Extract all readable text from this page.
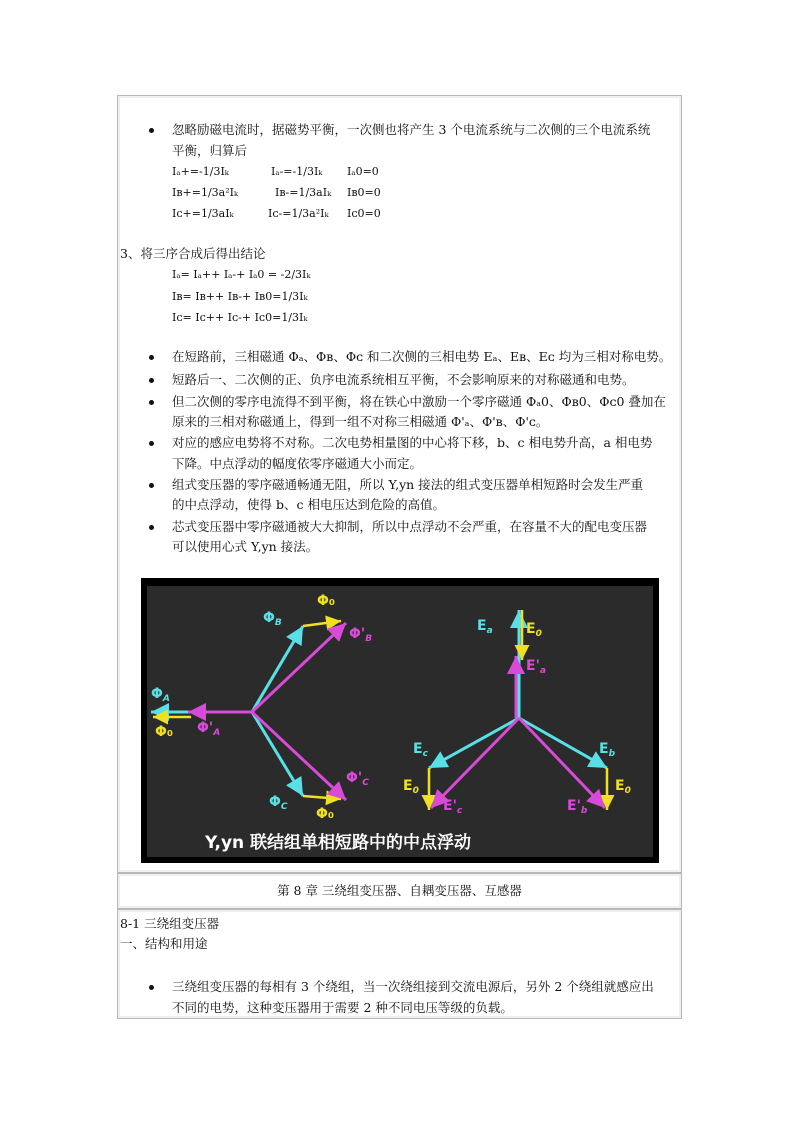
忽略励磁电流时，据磁势平衡，一次侧也将产生 3 个电流系统与二次侧的三个电流系统
平衡，归算后
Iₐ+=-1/3Iₖ	Iₐ-=-1/3Iₖ Iₐ0=0
Iʙ+=1/3a²Iₖ	Iʙ-=1/3aIₖ Iʙ0=0
Iᴄ+=1/3aIₖ	Iᴄ-=1/3a²Iₖ Iᴄ0=0
3、将三序合成后得出结论
Iₐ= Iₐ++ Iₐ-+ Iₐ0 = -2/3Iₖ
Iʙ= Iʙ++ Iʙ-+ Iʙ0=1/3Iₖ
Iᴄ= Iᴄ++ Iᴄ-+ Iᴄ0=1/3Iₖ
在短路前，三相磁通 Φₐ、Φʙ、Φᴄ 和二次侧的三相电势 Eₐ、Eʙ、Eᴄ 均为三相对称电势。
短路后一、二次侧的正、负序电流系统相互平衡，不会影响原来的对称磁通和电势。
但二次侧的零序电流得不到平衡，将在铁心中激励一个零序磁通 Φₐ0、Φʙ0、Φᴄ0 叠加在
原来的三相对称磁通上，得到一组不对称三相磁通 Φ'ₐ、Φ'ʙ、Φ'ᴄ。
对应的感应电势将不对称。二次电势相量图的中心将下移，b、c 相电势升高，a 相电势
下降。中点浮动的幅度依零序磁通大小而定。
组式变压器的零序磁通畅通无阻，所以 Y,yn 接法的组式变压器单相短路时会发生严重
的中点浮动，使得 b、c 相电压达到危险的高值。
芯式变压器中零序磁通被大大抑制，所以中点浮动不会严重，在容量不大的配电变压器
可以使用心式 Y,yn 接法。
Φ₀
$\Phi_B$
$\Phi'_B$
$\Phi_A$
$\Phi'_A$
Φ₀
$\Phi'_C$
$\Phi_C$ Φ₀
$E_a$ $E_0$
$E'_a$
$E_c$
$E_0$
$E'_c$
$E_b$
$E_0$
$E'_b$
Y,yn 联结组单相短路中的中点浮动
第 8 章 三绕组变压器、自耦变压器、互感器
8-1 三绕组变压器
一、结构和用途
三绕组变压器的每相有 3 个绕组，当一次绕组接到交流电源后，另外 2 个绕组就感应出
不同的电势，这种变压器用于需要 2 种不同电压等级的负载。
